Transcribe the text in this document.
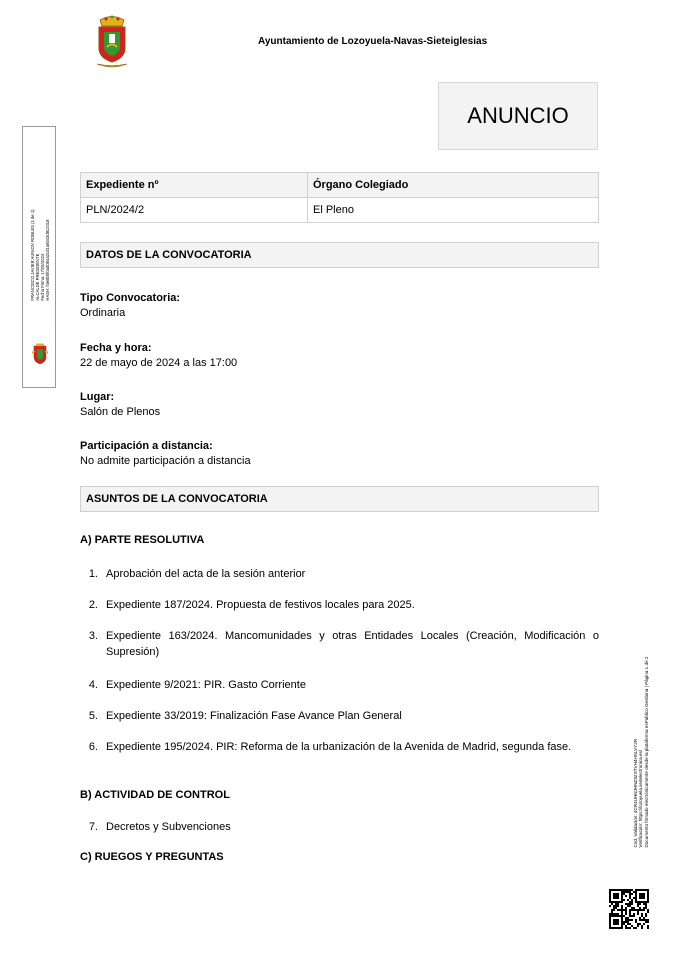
Ayuntamiento de Lozoyuela-Navas-Sieteiglesias
ANUNCIO
FRANCISCO JAVIER AUNION ROBLES (1 de 1) ALCALDE PRESIDENTE Fecha Firma: 17/05/2024 HASH: f4e8b0f0ad084a2cd1a9343d8c2418
Expediente nº	Órgano Colegiado
PLN/2024/2	El Pleno
DATOS DE LA CONVOCATORIA
Tipo Convocatoria:
Ordinaria
Fecha y hora:
22 de mayo de 2024 a las 17:00
Lugar:
Salón de Plenos
Participación a distancia:
No admite participación a distancia
ASUNTOS DE LA CONVOCATORIA
A) PARTE RESOLUTIVA
1. Aprobación del acta de la sesión anterior
2. Expediente 187/2024. Propuesta de festivos locales para 2025.
3. Expediente 163/2024. Mancomunidades y otras Entidades Locales (Creación, Modificación o Supresión)
4. Expediente 9/2021: PIR. Gasto Corriente
5. Expediente 33/2019: Finalización Fase Avance Plan General
6. Expediente 195/2024. PIR: Reforma de la urbanización de la Avenida de Madrid, segunda fase.
B) ACTIVIDAD DE CONTROL
7. Decretos y Subvenciones
C) RUEGOS Y PREGUNTAS
Cód. Validación: 4CR4UHNJHNZ9ZSTVH4HSLVY2R Verificación: https://lozoyuela.sedelectronica.es/ Documento firmado electrónicamente desde la plataforma esPublico Gestiona | Página 1 de 2
